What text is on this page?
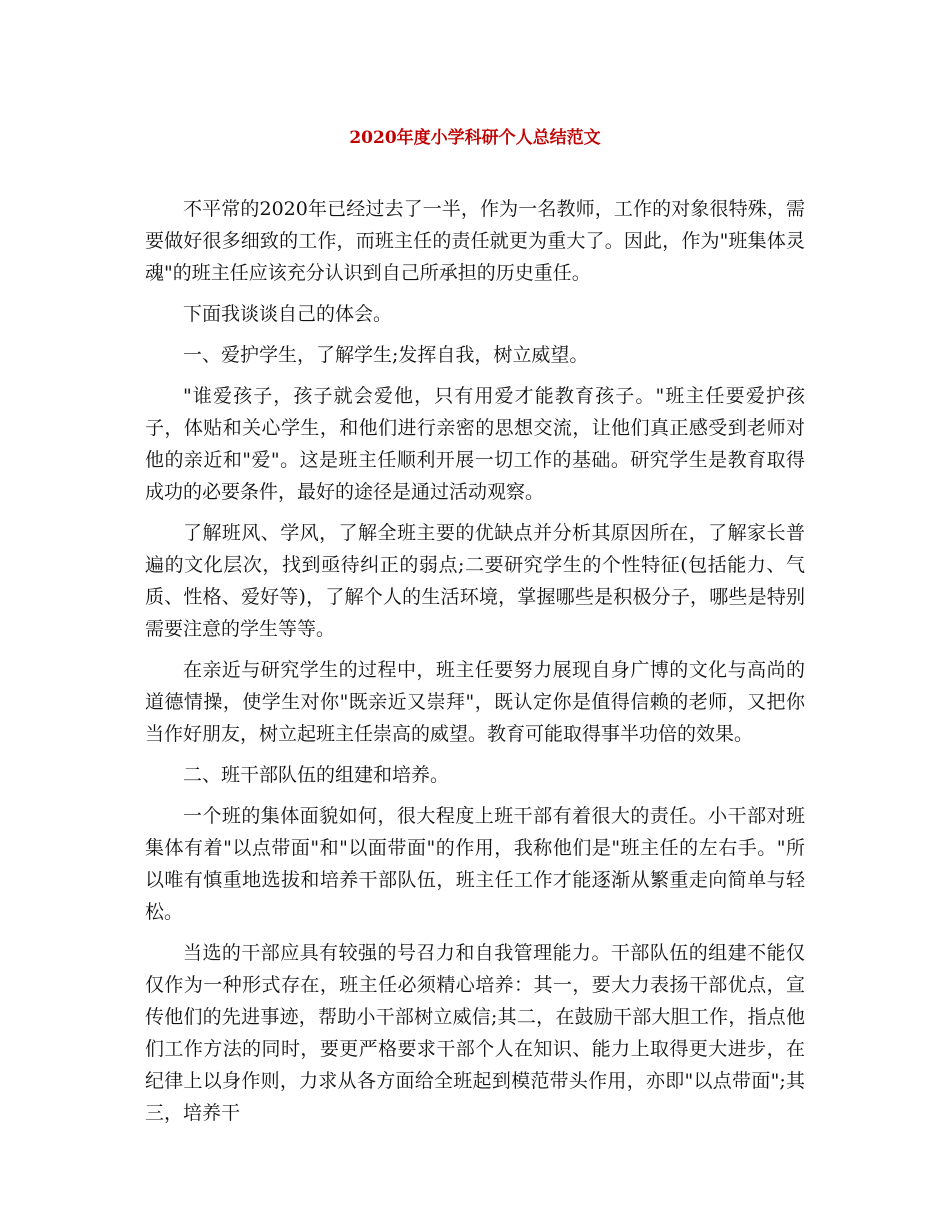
2020年度小学科研个人总结范文

不平常的2020年已经过去了一半，作为一名教师，工作的对象很特殊，需要做好很多细致的工作，而班主任的责任就更为重大了。因此，作为"班集体灵魂"的班主任应该充分认识到自己所承担的历史重任。

下面我谈谈自己的体会。

一、爱护学生，了解学生;发挥自我，树立威望。

"谁爱孩子，孩子就会爱他，只有用爱才能教育孩子。"班主任要爱护孩子，体贴和关心学生，和他们进行亲密的思想交流，让他们真正感受到老师对他的亲近和"爱"。这是班主任顺利开展一切工作的基础。研究学生是教育取得成功的必要条件，最好的途径是通过活动观察。

了解班风、学风，了解全班主要的优缺点并分析其原因所在，了解家长普遍的文化层次，找到亟待纠正的弱点;二要研究学生的个性特征(包括能力、气质、性格、爱好等)，了解个人的生活环境，掌握哪些是积极分子，哪些是特别需要注意的学生等等。

在亲近与研究学生的过程中，班主任要努力展现自身广博的文化与高尚的道德情操，使学生对你"既亲近又崇拜"，既认定你是值得信赖的老师，又把你当作好朋友，树立起班主任崇高的威望。教育可能取得事半功倍的效果。

二、班干部队伍的组建和培养。

一个班的集体面貌如何，很大程度上班干部有着很大的责任。小干部对班集体有着"以点带面"和"以面带面"的作用，我称他们是"班主任的左右手。"所以唯有慎重地选拔和培养干部队伍，班主任工作才能逐渐从繁重走向简单与轻松。

当选的干部应具有较强的号召力和自我管理能力。干部队伍的组建不能仅仅作为一种形式存在，班主任必须精心培养：其一，要大力表扬干部优点，宣传他们的先进事迹，帮助小干部树立威信;其二，在鼓励干部大胆工作，指点他们工作方法的同时，要更严格要求干部个人在知识、能力上取得更大进步，在纪律上以身作则，力求从各方面给全班起到模范带头作用，亦即"以点带面";其三，培养干
